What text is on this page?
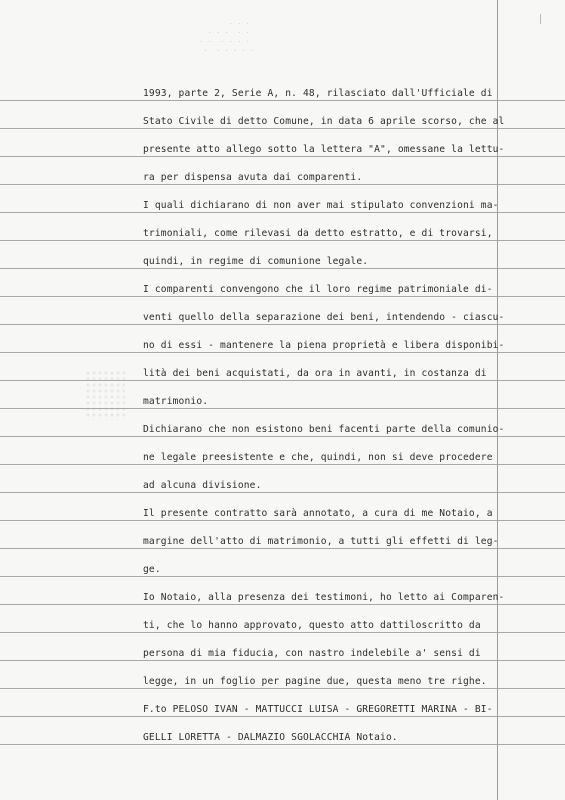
· · ·
· · ·  · ·
· ·  · · · ·
·  · · · · ·
1993, parte 2, Serie A, n. 48, rilasciato dall'Ufficiale di
Stato Civile di detto Comune, in data 6 aprile scorso, che al
presente atto allego sotto la lettera "A", omessane la lettu-
ra per dispensa avuta dai comparenti.
I quali dichiarano di non aver mai stipulato convenzioni ma-
trimoniali, come rilevasi da detto estratto, e di trovarsi,
quindi, in regime di comunione legale.
I comparenti convengono che il loro regime patrimoniale di-
venti quello della separazione dei beni, intendendo - ciascu-
no di essi - mantenere la piena proprietà e libera disponibi-
lità dei beni acquistati, da ora in avanti, in costanza di
matrimonio.
Dichiarano che non esistono beni facenti parte della comunio-
ne legale preesistente e che, quindi, non si deve procedere
ad alcuna divisione.
Il presente contratto sarà annotato, a cura di me Notaio, a
margine dell'atto di matrimonio, a tutti gli effetti di leg-
ge.
Io Notaio, alla presenza dei testimoni, ho letto ai Comparen-
ti, che lo hanno approvato, questo atto dattiloscritto da
persona di mia fiducia, con nastro indelebile a' sensi di
legge, in un foglio per pagine due, questa meno tre righe.
F.to PELOSO IVAN - MATTUCCI LUISA - GREGORETTI MARINA - BI-
GELLI LORETTA - DALMAZIO SGOLACCHIA Notaio.
